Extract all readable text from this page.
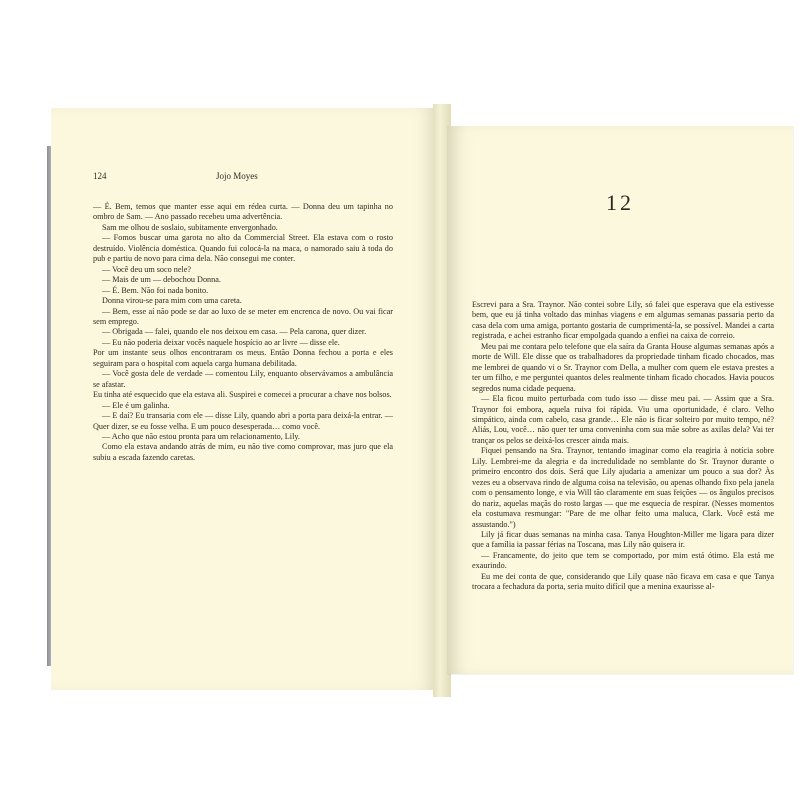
124	Jojo Moyes

— É. Bem, temos que manter esse aqui em rédea curta. — Donna deu um tapinha no ombro de Sam. — Ano passado recebeu uma advertência.

Sam me olhou de soslaio, subitamente envergonhado.

— Fomos buscar uma garota no alto da Commercial Street. Ela estava com o rosto destruído. Violência doméstica. Quando fui colocá-la na maca, o namorado saiu à toda do pub e partiu de novo para cima dela. Não consegui me conter.

— Você deu um soco nele?

— Mais de um — debochou Donna.

— É. Bem. Não foi nada bonito.

Donna virou-se para mim com uma careta.

— Bem, esse aí não pode se dar ao luxo de se meter em encrenca de novo. Ou vai ficar sem emprego.

— Obrigada — falei, quando ele nos deixou em casa. — Pela carona, quer dizer.

— Eu não poderia deixar vocês naquele hospício ao ar livre — disse ele.

Por um instante seus olhos encontraram os meus. Então Donna fechou a porta e eles seguiram para o hospital com aquela carga humana debilitada.

— Você gosta dele de verdade — comentou Lily, enquanto observávamos a ambulância se afastar.

Eu tinha até esquecido que ela estava ali. Suspirei e comecei a procurar a chave nos bolsos.

— Ele é um galinha.

— E daí? Eu transaria com ele — disse Lily, quando abri a porta para deixá-la entrar. — Quer dizer, se eu fosse velha. E um pouco desesperada… como você.

— Acho que não estou pronta para um relacionamento, Lily.

Como ela estava andando atrás de mim, eu não tive como comprovar, mas juro que ela subiu a escada fazendo caretas.

12

Escrevi para a Sra. Traynor. Não contei sobre Lily, só falei que esperava que ela estivesse bem, que eu já tinha voltado das minhas viagens e em algumas semanas passaria perto da casa dela com uma amiga, portanto gostaria de cumprimentá-la, se possível. Mandei a carta registrada, e achei estranho ficar empolgada quando a enfiei na caixa de correio.

Meu pai me contara pelo telefone que ela saíra da Granta House algumas semanas após a morte de Will. Ele disse que os trabalhadores da propriedade tinham ficado chocados, mas me lembrei de quando vi o Sr. Traynor com Della, a mulher com quem ele estava prestes a ter um filho, e me perguntei quantos deles realmente tinham ficado chocados. Havia poucos segredos numa cidade pequena.

— Ela ficou muito perturbada com tudo isso — disse meu pai. — Assim que a Sra. Traynor foi embora, aquela ruiva foi rápida. Viu uma oportunidade, é claro. Velho simpático, ainda com cabelo, casa grande… Ele não is ficar solteiro por muito tempo, né? Aliás, Lou, você… não quer ter uma conveninha com sua mãe sobre as axilas dela? Vai ter trançar os pelos se deixá-los crescer ainda mais.

Fiquei pensando na Sra. Traynor, tentando imaginar como ela reagiria à notícia sobre Lily. Lembrei-me da alegria e da incredulidade no semblante do Sr. Traynor durante o primeiro encontro dos dois. Será que Lily ajudaria a amenizar um pouco a sua dor? Às vezes eu a observava rindo de alguma coisa na televisão, ou apenas olhando fixo pela janela com o pensamento longe, e via Will tão claramente em suas feições — os ângulos precisos do nariz, aquelas maçãs do rosto largas — que me esquecia de respirar. (Nesses momentos ela costumava resmungar: "Pare de me olhar feito uma maluca, Clark. Você está me assustando.")

Lily já ficar duas semanas na minha casa. Tanya Houghton-Miller me ligara para dizer que a família ia passar férias na Toscana, mas Lily não quisera ir.

— Francamente, do jeito que tem se comportado, por mim está ótimo. Ela está me exaurindo.

Eu me dei conta de que, considerando que Lily quase não ficava em casa e que Tanya trocara a fechadura da porta, seria muito difícil que a menina exaurisse al-
